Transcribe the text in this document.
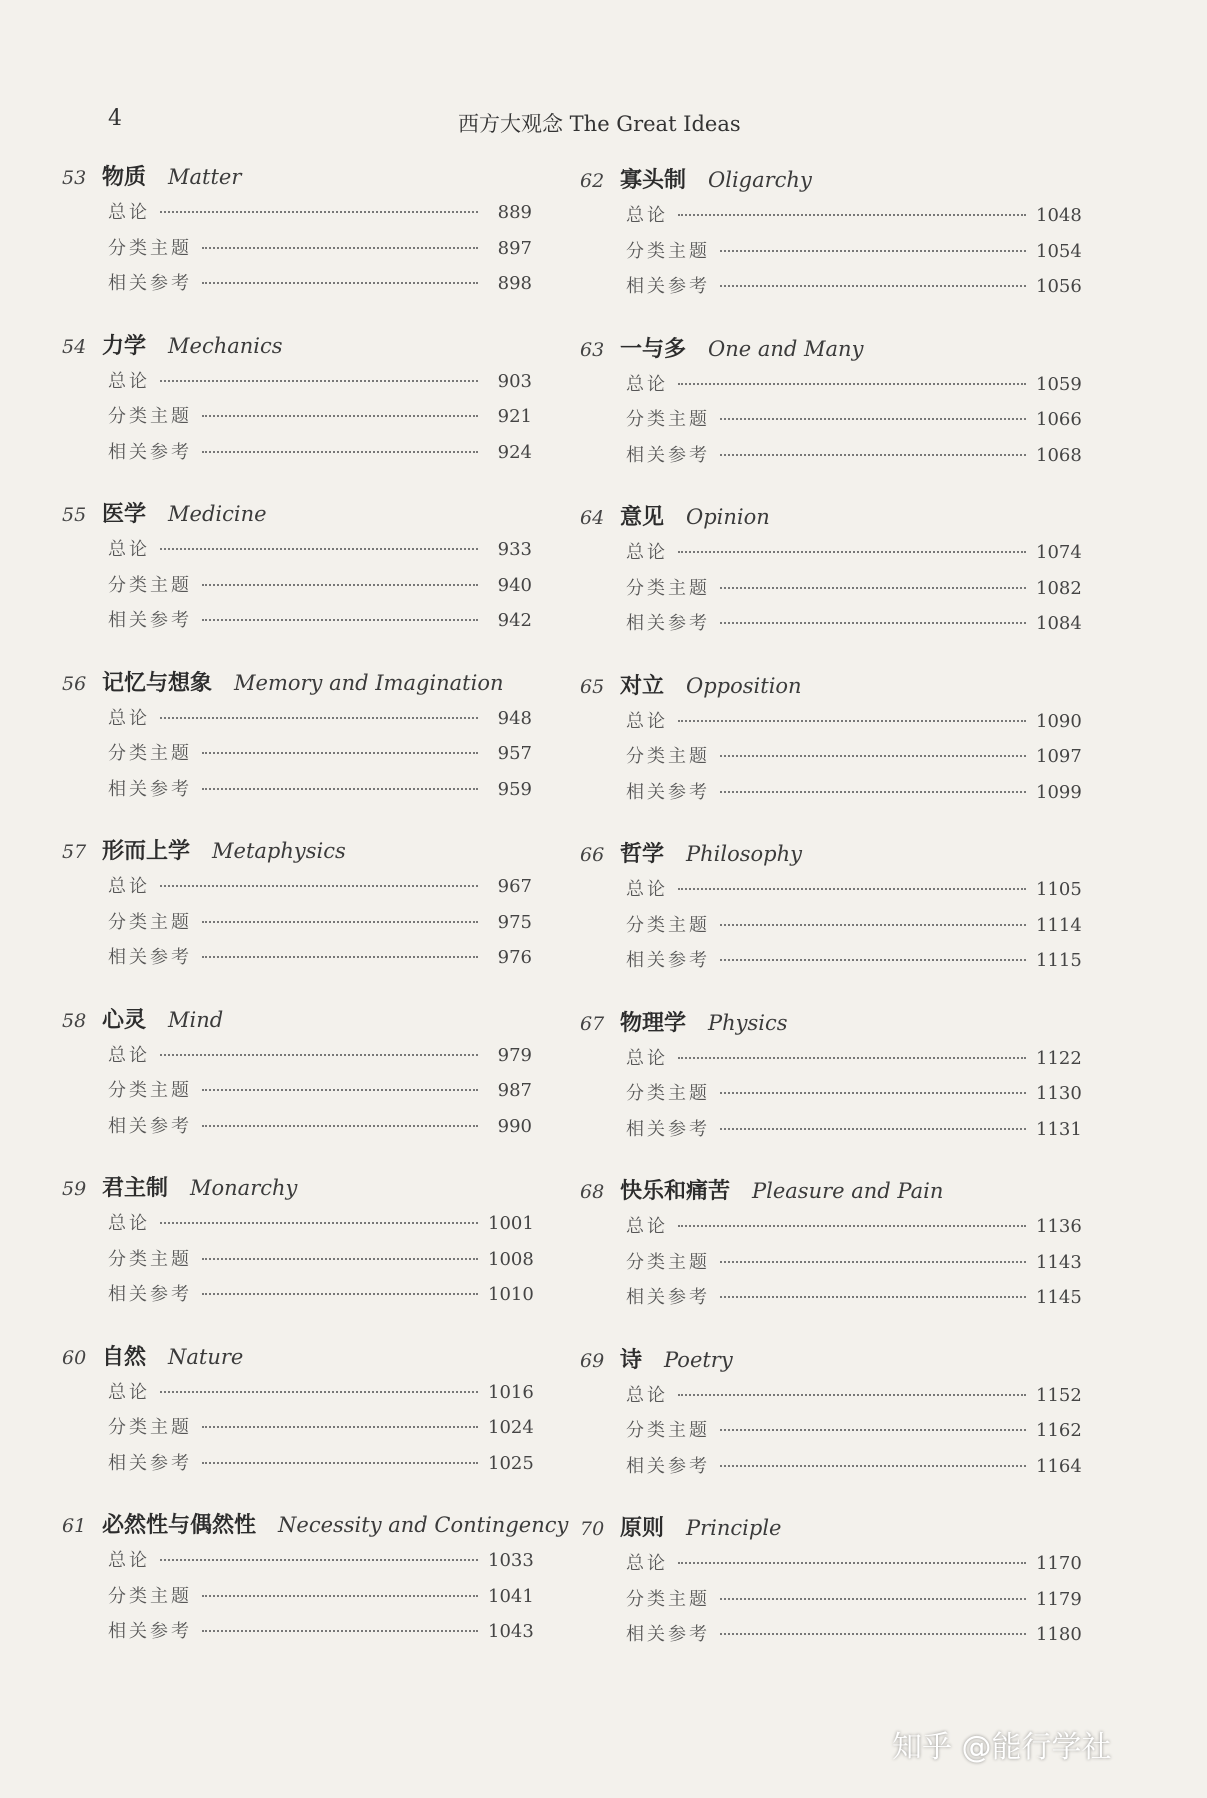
4	西方大观念 The Great Ideas
53 物质 Matter
总论	889
分类主题	897
相关参考	898
54 力学 Mechanics
总论	903
分类主题	921
相关参考	924
55 医学 Medicine
总论	933
分类主题	940
相关参考	942
56 记忆与想象 Memory and Imagination
总论	948
分类主题	957
相关参考	959
57 形而上学 Metaphysics
总论	967
分类主题	975
相关参考	976
58 心灵 Mind
总论	979
分类主题	987
相关参考	990
59 君主制 Monarchy
总论	1001
分类主题	1008
相关参考	1010
60 自然 Nature
总论	1016
分类主题	1024
相关参考	1025
61 必然性与偶然性 Necessity and Contingency
总论	1033
分类主题	1041
相关参考	1043
62 寡头制 Oligarchy
总论	1048
分类主题	1054
相关参考	1056
63 一与多 One and Many
总论	1059
分类主题	1066
相关参考	1068
64 意见 Opinion
总论	1074
分类主题	1082
相关参考	1084
65 对立 Opposition
总论	1090
分类主题	1097
相关参考	1099
66 哲学 Philosophy
总论	1105
分类主题	1114
相关参考	1115
67 物理学 Physics
总论	1122
分类主题	1130
相关参考	1131
68 快乐和痛苦 Pleasure and Pain
总论	1136
分类主题	1143
相关参考	1145
69 诗 Poetry
总论	1152
分类主题	1162
相关参考	1164
70 原则 Principle
总论	1170
分类主题	1179
相关参考	1180
知乎 @能行学社
